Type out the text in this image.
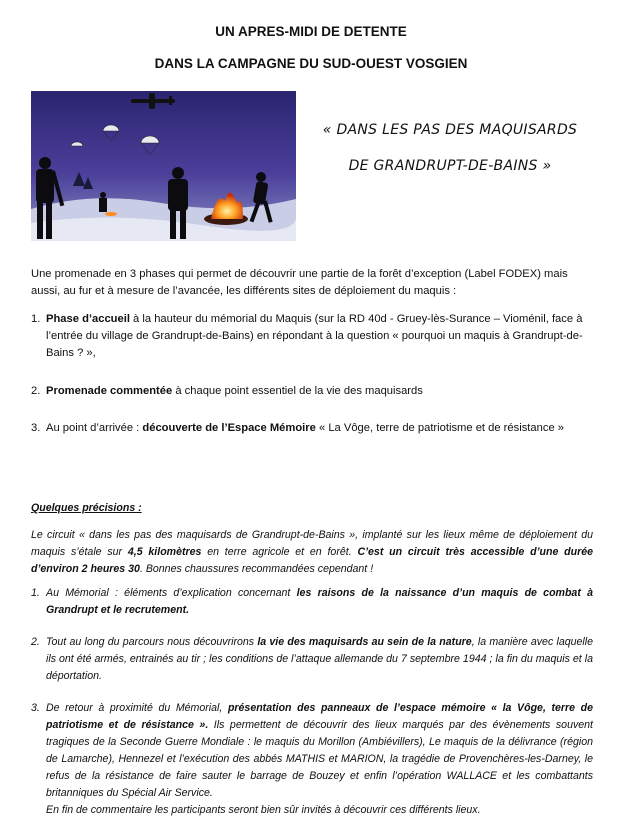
UN APRES-MIDI DE DETENTE
DANS LA CAMPAGNE DU SUD-OUEST VOSGIEN
« DANS LES PAS DES MAQUISARDS
DE GRANDRUPT-DE-BAINS »
Une promenade en 3 phases qui permet de découvrir une partie de la forêt d’exception (Label FODEX) mais aussi, au fur et à mesure de l’avancée, les différents sites de déploiement du maquis :
1. Phase d’accueil à la hauteur du mémorial du Maquis (sur la RD 40d - Gruey-lès-Surance – Vioménil, face à l’entrée du village de Grandrupt-de-Bains) en répondant à la question « pourquoi un maquis à Grandrupt-de-Bains ? »,
2. Promenade commentée à chaque point essentiel de la vie des maquisards
3. Au point d’arrivée : découverte de l’Espace Mémoire « La Vôge, terre de patriotisme et de résistance »
Quelques précisions :
Le circuit « dans les pas des maquisards de Grandrupt-de-Bains », implanté sur les lieux même de déploiement du maquis s’étale sur 4,5 kilomètres en terre agricole et en forêt. C’est un circuit très accessible d’une durée d’environ 2 heures 30. Bonnes chaussures recommandées cependant !
1. Au Mémorial : éléments d’explication concernant les raisons de la naissance d’un maquis de combat à Grandrupt et le recrutement.
2. Tout au long du parcours nous découvrirons la vie des maquisards au sein de la nature, la manière avec laquelle ils ont été armés, entrainés au tir ; les conditions de l’attaque allemande du 7 septembre 1944 ; la fin du maquis et la déportation.
3. De retour à proximité du Mémorial, présentation des panneaux de l’espace mémoire « la Vôge, terre de patriotisme et de résistance ». Ils permettent de découvrir des lieux marqués par des évènements souvent tragiques de la Seconde Guerre Mondiale : le maquis du Morillon (Ambiévillers), Le maquis de la délivrance (région de Lamarche), Hennezel et l’exécution des abbés MATHIS et MARION, la tragédie de Provenchères-les-Darney, le refus de la résistance de faire sauter le barrage de Bouzey et enfin l’opération WALLACE et les combattants britanniques du Spécial Air Service.
En fin de commentaire les participants seront bien sûr invités à découvrir ces différents lieux.
